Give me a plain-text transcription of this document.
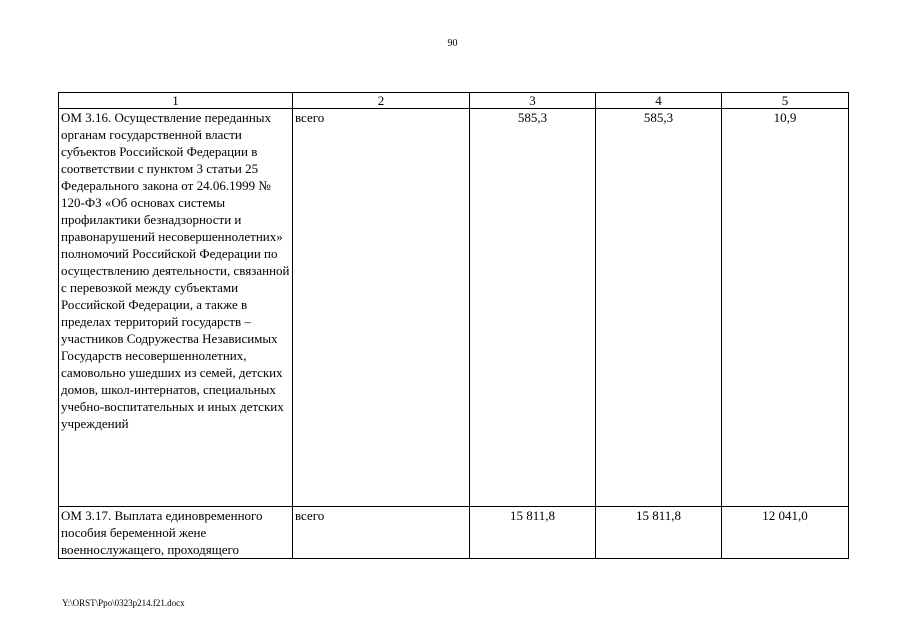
90
1	2	3	4	5
ОМ 3.16. Осуществление переданных органам государственной власти субъектов Российской Федерации в соответствии с пунктом 3 статьи 25 Федерального закона от 24.06.1999 № 120-ФЗ «Об основах системы профилактики безнадзорности и правонарушений несовершеннолетних» полномочий Российской Федерации по осуществлению деятельности, связанной с перевозкой между субъектами Российской Федерации, а также в пределах территорий государств – участников Содружества Независимых Государств несовершеннолетних, самовольно ушедших из семей, детских домов, школ-интернатов, специальных учебно-воспитательных и иных детских учреждений	всего	585,3	585,3	10,9
ОМ 3.17. Выплата единовременного пособия беременной жене военнослужащего, проходящего	всего	15 811,8	15 811,8	12 041,0
Y:\ORST\Ppo\0323p214.f21.docx
